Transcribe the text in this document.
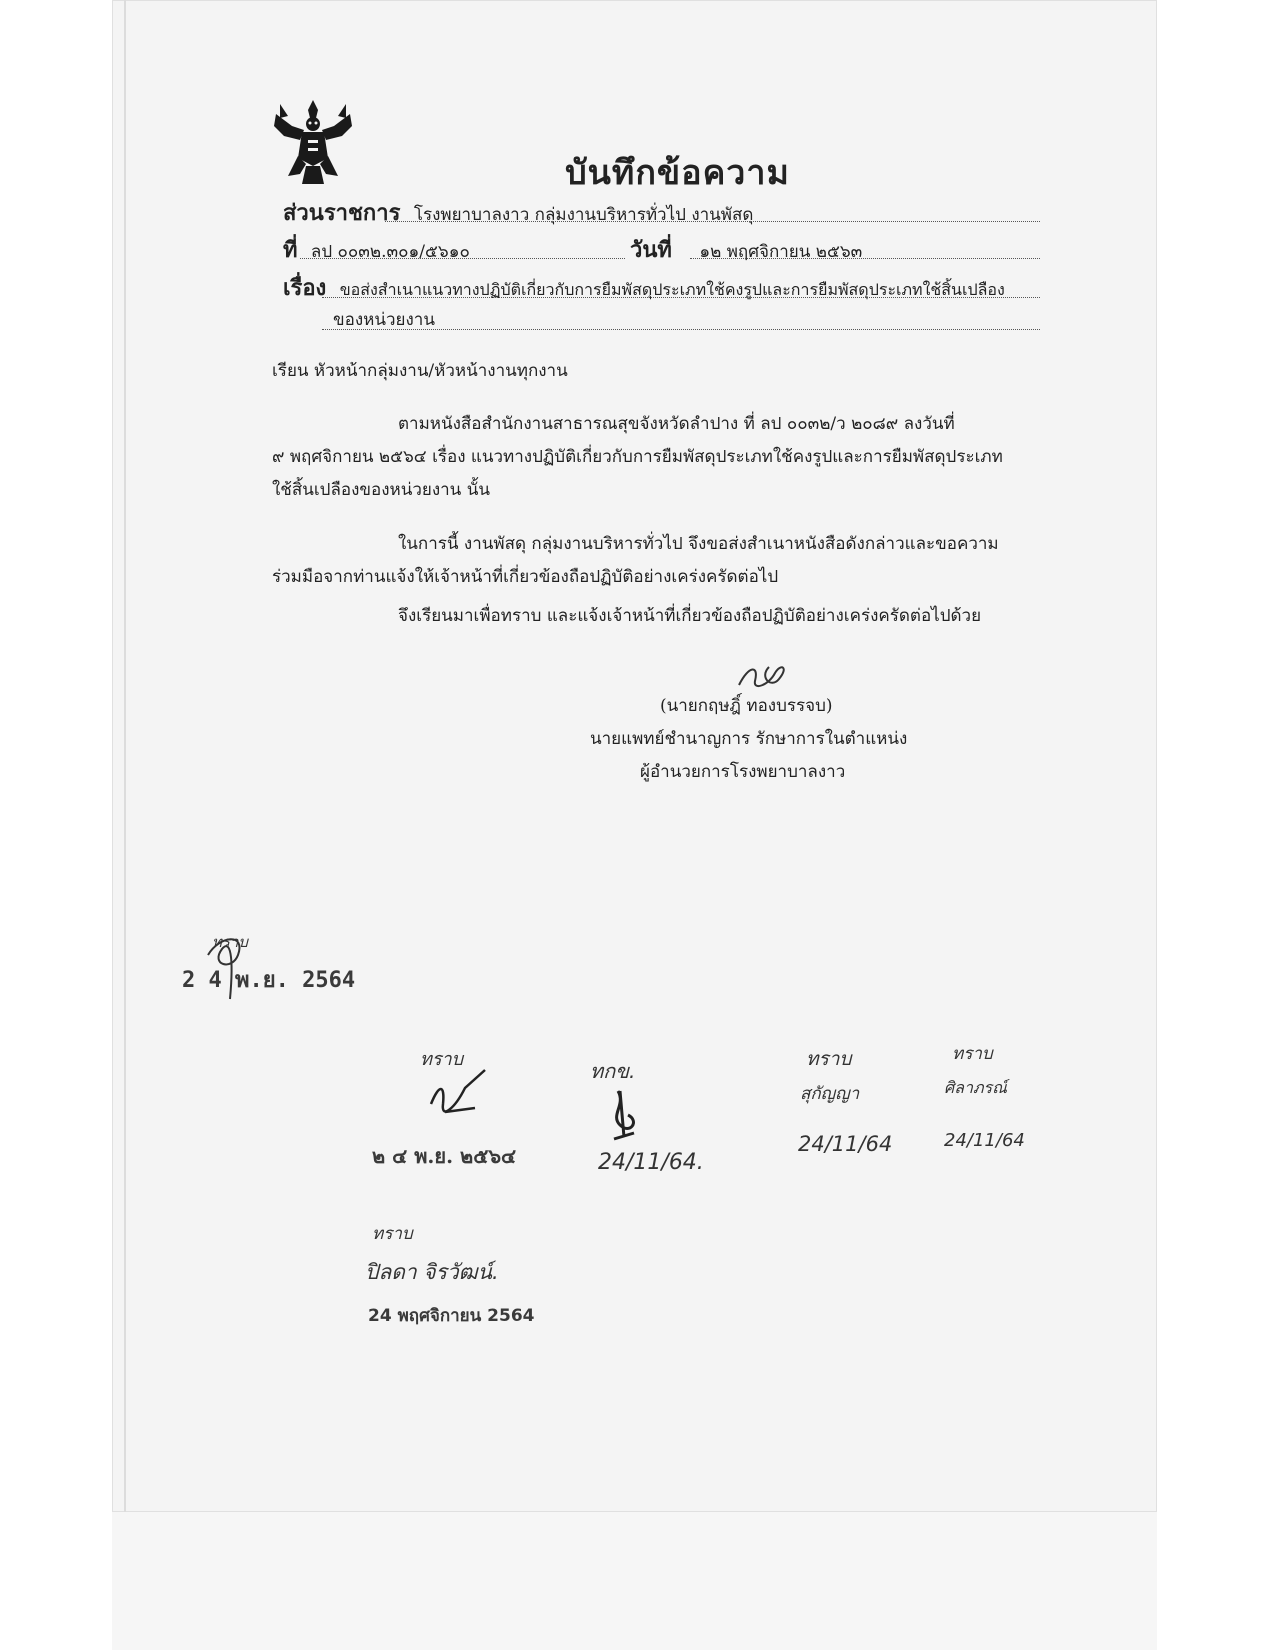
บันทึกข้อความ
ส่วนราชการ โรงพยาบาลงาว กลุ่มงานบริหารทั่วไป งานพัสดุ
ที่ ลป ๐๐๓๒.๓๐๑/๕๖๑๐	วันที่ ๑๒ พฤศจิกายน ๒๕๖๓
เรื่อง ขอส่งสำเนาแนวทางปฏิบัติเกี่ยวกับการยืมพัสดุประเภทใช้คงรูปและการยืมพัสดุประเภทใช้สิ้นเปลือง
ของหน่วยงาน
เรียน หัวหน้ากลุ่มงาน/หัวหน้างานทุกงาน
ตามหนังสือสำนักงานสาธารณสุขจังหวัดลำปาง ที่ ลป ๐๐๓๒/ว ๒๐๘๙ ลงวันที่
๙ พฤศจิกายน ๒๕๖๔ เรื่อง แนวทางปฏิบัติเกี่ยวกับการยืมพัสดุประเภทใช้คงรูปและการยืมพัสดุประเภท
ใช้สิ้นเปลืองของหน่วยงาน นั้น
ในการนี้ งานพัสดุ กลุ่มงานบริหารทั่วไป จึงขอส่งสำเนาหนังสือดังกล่าวและขอความ
ร่วมมือจากท่านแจ้งให้เจ้าหน้าที่เกี่ยวข้องถือปฏิบัติอย่างเคร่งครัดต่อไป
จึงเรียนมาเพื่อทราบ และแจ้งเจ้าหน้าที่เกี่ยวข้องถือปฏิบัติอย่างเคร่งครัดต่อไปด้วย
(นายกฤษฎิ์ ทองบรรจบ)
นายแพทย์ชำนาญการ รักษาการในตำแหน่ง
ผู้อำนวยการโรงพยาบาลงาว
ทราบ
2 4 พ.ย. 2564
ทราบ
๒ ๔ พ.ย. ๒๕๖๔
ทกข.
24/11/64.
ทราบ
สุกัญญา
24/11/64
ทราบ
ศิลาภรณ์
24/11/64
ทราบ
ปิลดา จิรวัฒน์.
24 พฤศจิกายน 2564
